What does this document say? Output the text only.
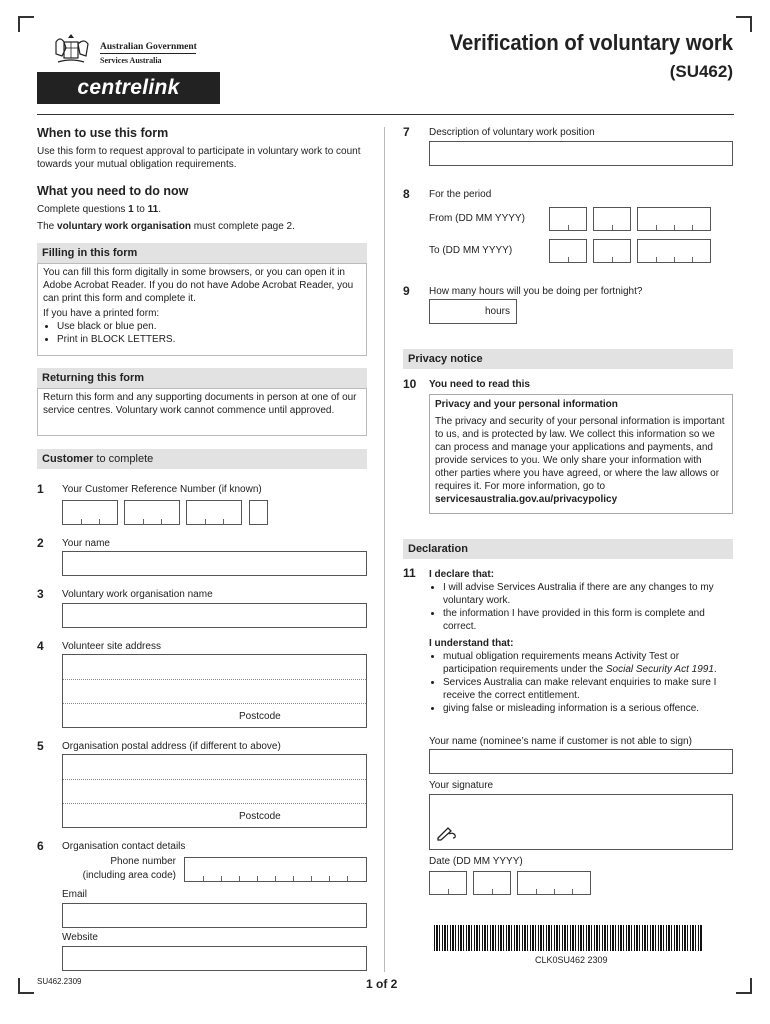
Australian Government
Services Australia
centrelink
Verification of voluntary work
(SU462)
When to use this form
Use this form to request approval to participate in voluntary work to count towards your mutual obligation requirements.
What you need to do now
Complete questions 1 to 11.
The voluntary work organisation must complete page 2.
Filling in this form
You can fill this form digitally in some browsers, or you can open it in Adobe Acrobat Reader. If you do not have Adobe Acrobat Reader, you can print this form and complete it.
If you have a printed form:
• Use black or blue pen.
• Print in BLOCK LETTERS.
Returning this form
Return this form and any supporting documents in person at one of our service centres. Voluntary work cannot commence until approved.
Customer to complete
1 Your Customer Reference Number (if known)
2 Your name
3 Voluntary work organisation name
4 Volunteer site address
Postcode
5 Organisation postal address (if different to above)
Postcode
6 Organisation contact details
Phone number
(including area code)
Email
Website
7 Description of voluntary work position
8 For the period
From (DD MM YYYY)
To (DD MM YYYY)
9 How many hours will you be doing per fortnight?
hours
Privacy notice
10 You need to read this
Privacy and your personal information
The privacy and security of your personal information is important to us, and is protected by law. We collect this information so we can process and manage your applications and payments, and provide services to you. We only share your information with other parties where you have agreed, or where the law allows or requires it. For more information, go to servicesaustralia.gov.au/privacypolicy
Declaration
11 I declare that:
• I will advise Services Australia if there are any changes to my voluntary work.
• the information I have provided in this form is complete and correct.
I understand that:
• mutual obligation requirements means Activity Test or participation requirements under the Social Security Act 1991.
• Services Australia can make relevant enquiries to make sure I receive the correct entitlement.
• giving false or misleading information is a serious offence.
Your name (nominee’s name if customer is not able to sign)
Your signature
Date (DD MM YYYY)
CLK0SU462 2309
SU462.2309	1 of 2
